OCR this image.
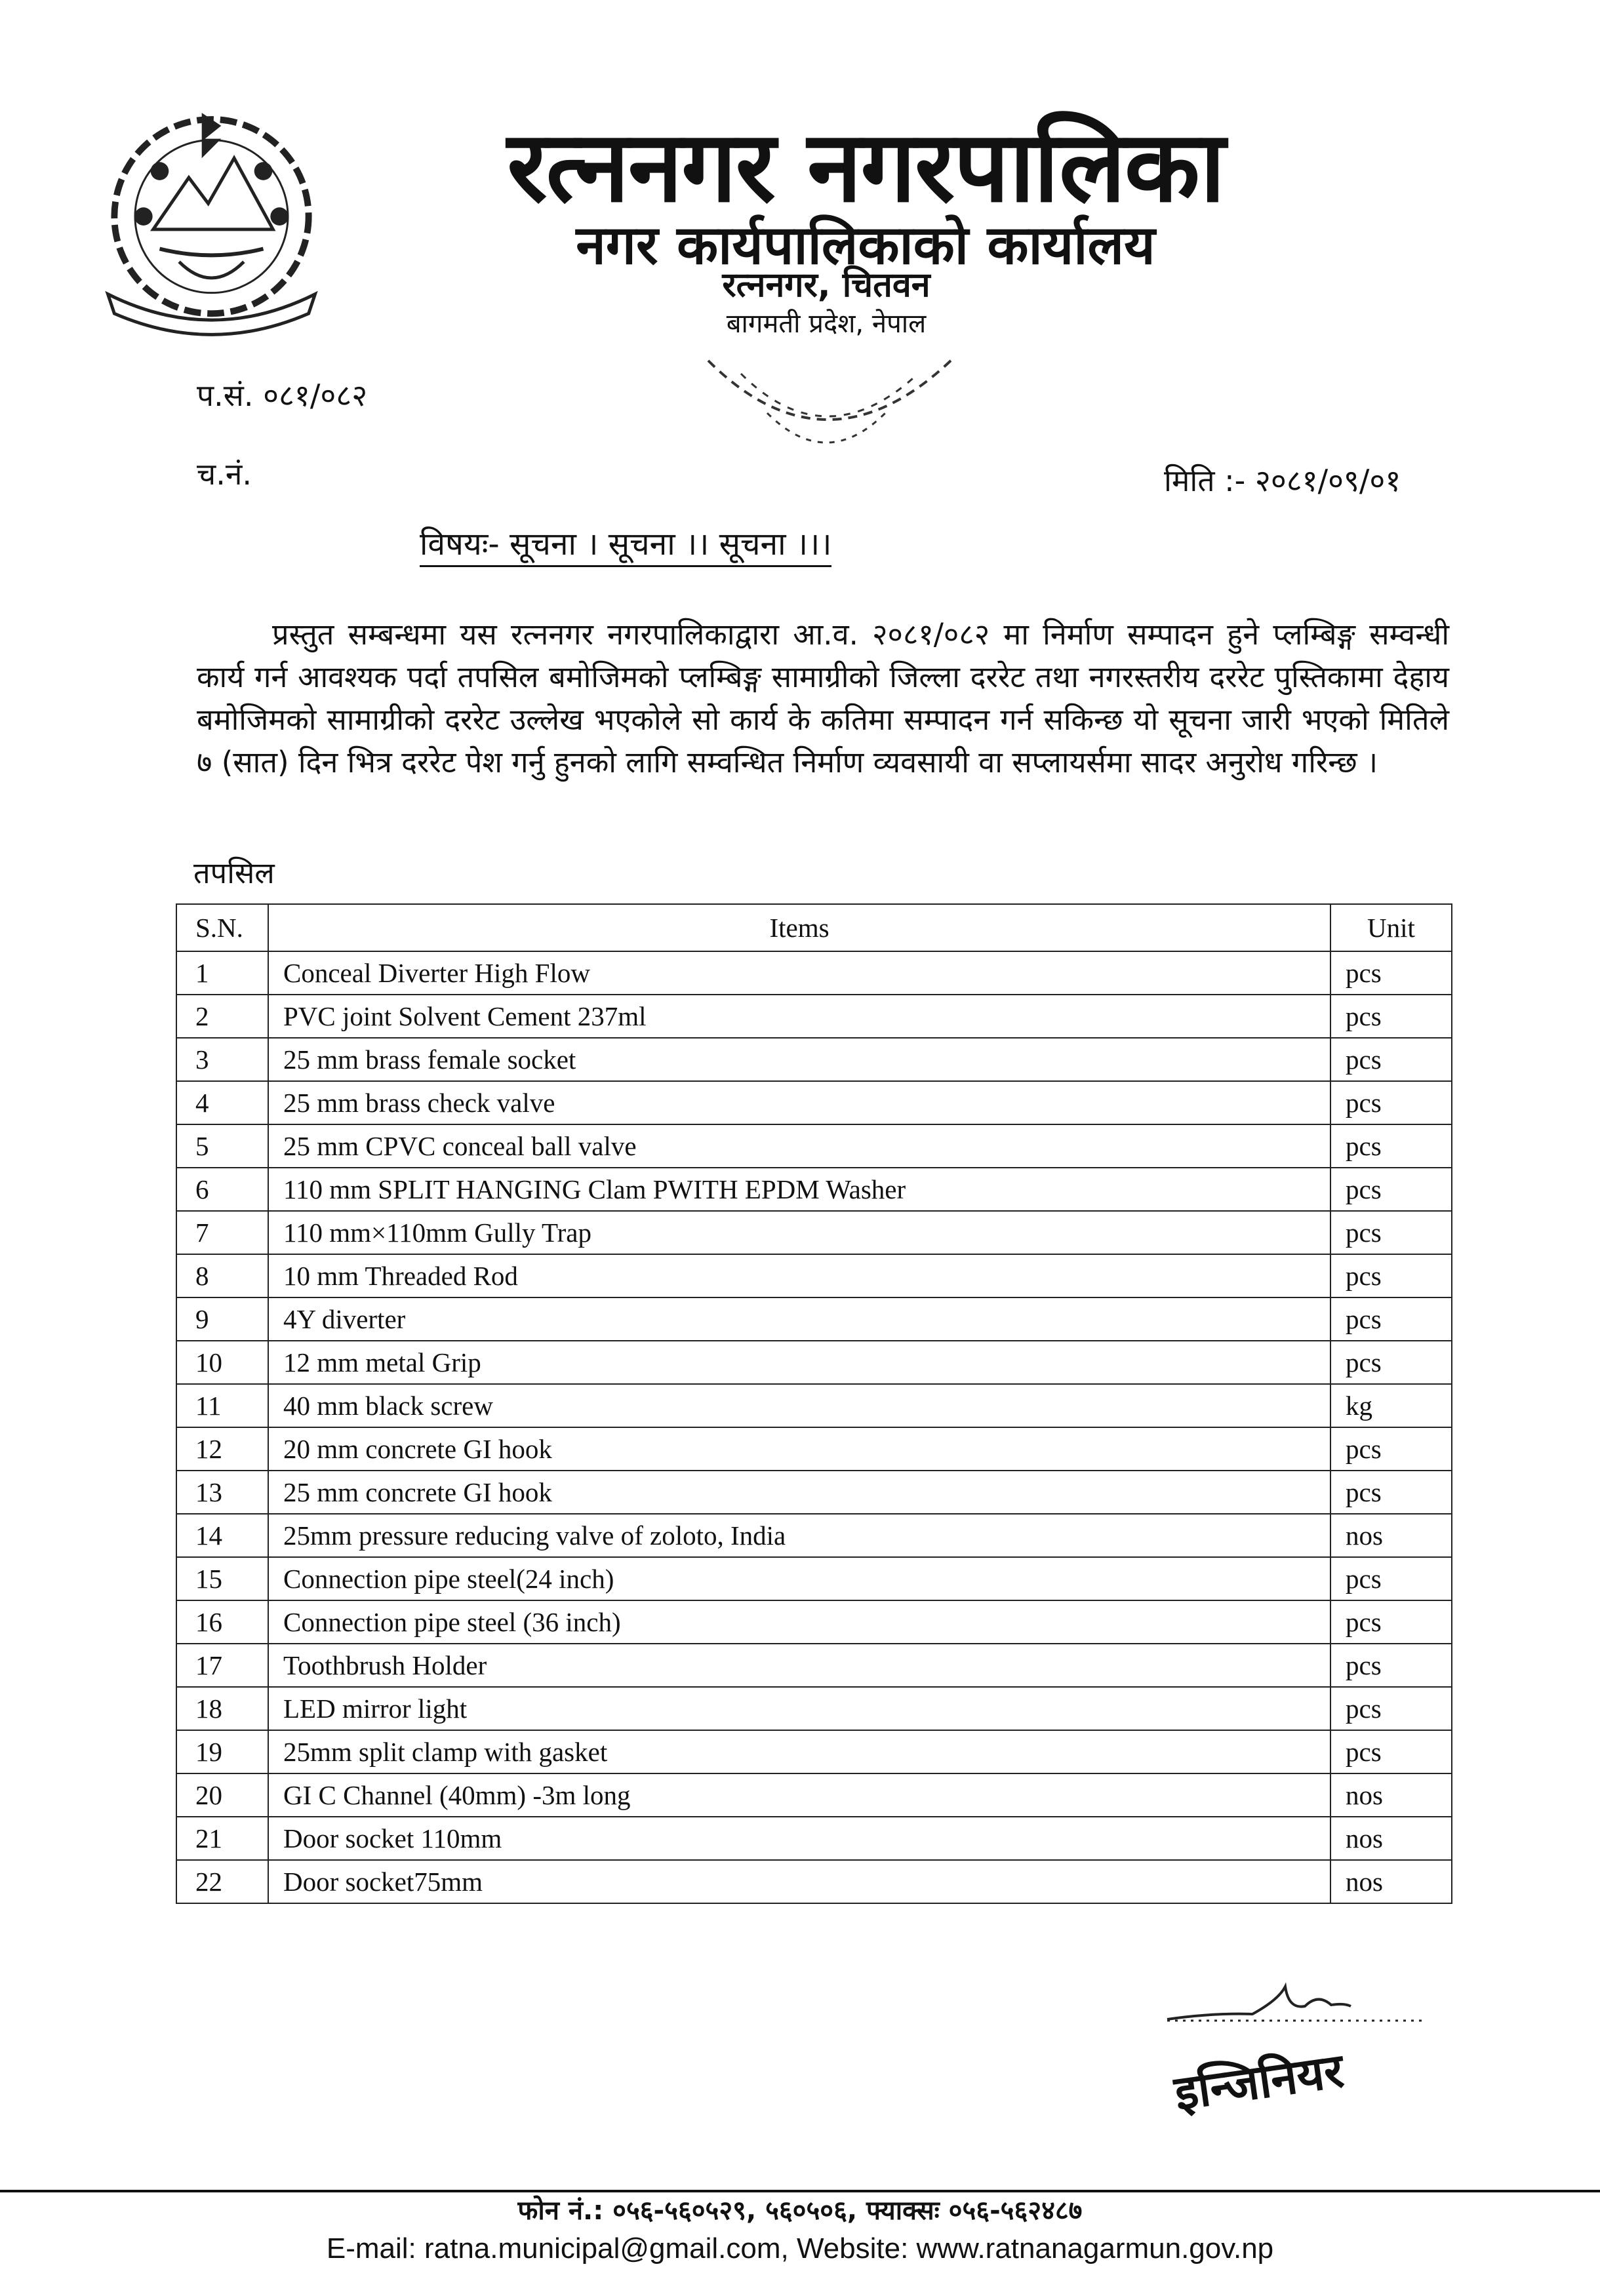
रत्ननगर नगरपालिका
नगर कार्यपालिकाको कार्यालय
रत्ननगर, चितवन
बागमती प्रदेश, नेपाल
प.सं. ०८१/०८२
च.नं.	मिति :- २०८१/०९/०१
विषयः- सूचना । सूचना ।। सूचना ।।।
प्रस्तुत सम्बन्धमा यस रत्ननगर नगरपालिकाद्वारा आ.व. २०८१/०८२ मा निर्माण सम्पादन हुने प्लम्बिङ्ग सम्वन्धी कार्य गर्न आवश्यक पर्दा तपसिल बमोजिमको प्लम्बिङ्ग सामाग्रीको जिल्ला दररेट तथा नगरस्तरीय दररेट पुस्तिकामा देहाय बमोजिमको सामाग्रीको दररेट उल्लेख भएकोले सो कार्य के कतिमा सम्पादन गर्न सकिन्छ यो सूचना जारी भएको मितिले ७ (सात) दिन भित्र दररेट पेश गर्नु हुनको लागि सम्वन्धित निर्माण व्यवसायी वा सप्लायर्समा सादर अनुरोध गरिन्छ ।
तपसिल
S.N.	Items	Unit
1	Conceal Diverter High Flow	pcs
2	PVC joint Solvent Cement 237ml	pcs
3	25 mm brass female socket	pcs
4	25 mm brass check valve	pcs
5	25 mm CPVC conceal ball valve	pcs
6	110 mm SPLIT HANGING Clam PWITH EPDM Washer	pcs
7	110 mm×110mm Gully Trap	pcs
8	10 mm Threaded Rod	pcs
9	4Y diverter	pcs
10	12 mm metal Grip	pcs
11	40 mm black screw	kg
12	20 mm concrete GI hook	pcs
13	25 mm concrete GI hook	pcs
14	25mm pressure reducing valve of zoloto, India	nos
15	Connection pipe steel(24 inch)	pcs
16	Connection pipe steel (36 inch)	pcs
17	Toothbrush Holder	pcs
18	LED mirror light	pcs
19	25mm split clamp with gasket	pcs
20	GI C Channel (40mm) -3m long	nos
21	Door socket 110mm	nos
22	Door socket75mm	nos
इन्जिनियर
फोन नं.: ०५६-५६०५२९, ५६०५०६, फ्याक्सः ०५६-५६२४८७
E-mail: ratna.municipal@gmail.com, Website: www.ratnanagarmun.gov.np
